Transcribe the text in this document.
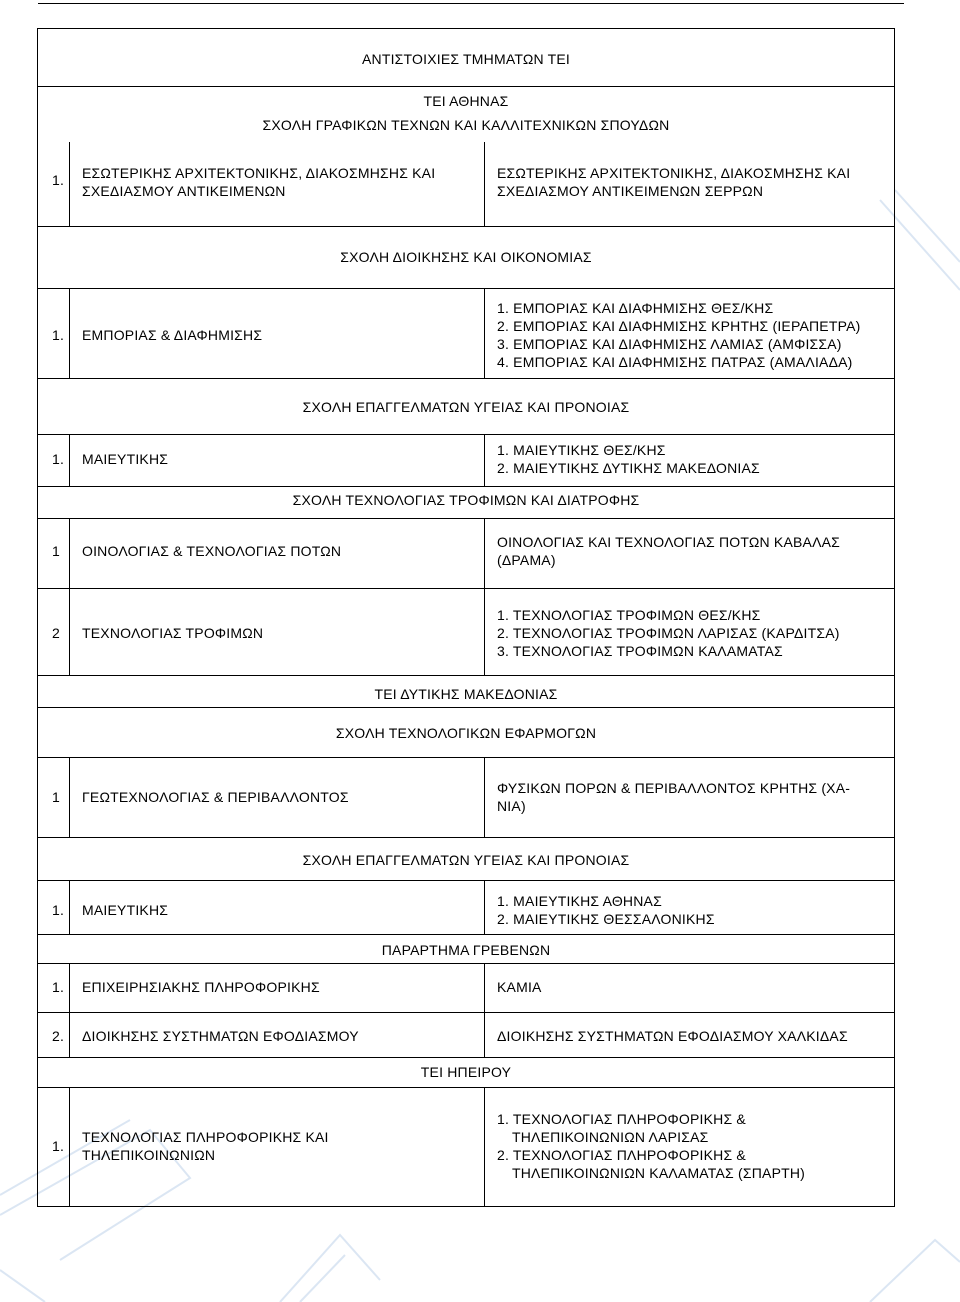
ΑΝΤΙΣΤΟΙΧΙΕΣ ΤΜΗΜΑΤΩΝ ΤΕΙ
ΤΕΙ ΑΘΗΝΑΣ
ΣΧΟΛΗ ΓΡΑΦΙΚΩΝ ΤΕΧΝΩΝ ΚΑΙ ΚΑΛΛΙΤΕΧΝΙΚΩΝ ΣΠΟΥΔΩΝ
1. ΕΣΩΤΕΡΙΚΗΣ ΑΡΧΙΤΕΚΤΟΝΙΚΗΣ, ΔΙΑΚΟΣΜΗΣΗΣ ΚΑΙ
ΣΧΕΔΙΑΣΜΟΥ ΑΝΤΙΚΕΙΜΕΝΩΝ
ΕΣΩΤΕΡΙΚΗΣ ΑΡΧΙΤΕΚΤΟΝΙΚΗΣ, ΔΙΑΚΟΣΜΗΣΗΣ ΚΑΙ
ΣΧΕΔΙΑΣΜΟΥ ΑΝΤΙΚΕΙΜΕΝΩΝ ΣΕΡΡΩΝ
ΣΧΟΛΗ ΔΙΟΙΚΗΣΗΣ ΚΑΙ ΟΙΚΟΝΟΜΙΑΣ
1. ΕΜΠΟΡΙΑΣ & ΔΙΑΦΗΜΙΣΗΣ
1. ΕΜΠΟΡΙΑΣ ΚΑΙ ΔΙΑΦΗΜΙΣΗΣ ΘΕΣ/ΚΗΣ
2. ΕΜΠΟΡΙΑΣ ΚΑΙ ΔΙΑΦΗΜΙΣΗΣ ΚΡΗΤΗΣ (ΙΕΡΑΠΕΤΡΑ)
3. ΕΜΠΟΡΙΑΣ ΚΑΙ ΔΙΑΦΗΜΙΣΗΣ ΛΑΜΙΑΣ (ΑΜΦΙΣΣΑ)
4. ΕΜΠΟΡΙΑΣ ΚΑΙ ΔΙΑΦΗΜΙΣΗΣ ΠΑΤΡΑΣ (ΑΜΑΛΙΑΔΑ)
ΣΧΟΛΗ ΕΠΑΓΓΕΛΜΑΤΩΝ ΥΓΕΙΑΣ ΚΑΙ ΠΡΟΝΟΙΑΣ
1. ΜΑΙΕΥΤΙΚΗΣ
1. ΜΑΙΕΥΤΙΚΗΣ ΘΕΣ/ΚΗΣ
2. ΜΑΙΕΥΤΙΚΗΣ ΔΥΤΙΚΗΣ ΜΑΚΕΔΟΝΙΑΣ
ΣΧΟΛΗ ΤΕΧΝΟΛΟΓΙΑΣ ΤΡΟΦΙΜΩΝ ΚΑΙ ΔΙΑΤΡΟΦΗΣ
1 ΟΙΝΟΛΟΓΙΑΣ & ΤΕΧΝΟΛΟΓΙΑΣ ΠΟΤΩΝ
ΟΙΝΟΛΟΓΙΑΣ ΚΑΙ ΤΕΧΝΟΛΟΓΙΑΣ ΠΟΤΩΝ ΚΑΒΑΛΑΣ
(ΔΡΑΜΑ)
2 ΤΕΧΝΟΛΟΓΙΑΣ ΤΡΟΦΙΜΩΝ
1. ΤΕΧΝΟΛΟΓΙΑΣ ΤΡΟΦΙΜΩΝ ΘΕΣ/ΚΗΣ
2. ΤΕΧΝΟΛΟΓΙΑΣ ΤΡΟΦΙΜΩΝ ΛΑΡΙΣΑΣ (ΚΑΡΔΙΤΣΑ)
3. ΤΕΧΝΟΛΟΓΙΑΣ ΤΡΟΦΙΜΩΝ ΚΑΛΑΜΑΤΑΣ
ΤΕΙ ΔΥΤΙΚΗΣ ΜΑΚΕΔΟΝΙΑΣ
ΣΧΟΛΗ ΤΕΧΝΟΛΟΓΙΚΩΝ ΕΦΑΡΜΟΓΩΝ
1 ΓΕΩΤΕΧΝΟΛΟΓΙΑΣ & ΠΕΡΙΒΑΛΛΟΝΤΟΣ
ΦΥΣΙΚΩΝ ΠΟΡΩΝ & ΠΕΡΙΒΑΛΛΟΝΤΟΣ ΚΡΗΤΗΣ (ΧΑ-
ΝΙΑ)
ΣΧΟΛΗ ΕΠΑΓΓΕΛΜΑΤΩΝ ΥΓΕΙΑΣ ΚΑΙ ΠΡΟΝΟΙΑΣ
1. ΜΑΙΕΥΤΙΚΗΣ
1. ΜΑΙΕΥΤΙΚΗΣ ΑΘΗΝΑΣ
2. ΜΑΙΕΥΤΙΚΗΣ ΘΕΣΣΑΛΟΝΙΚΗΣ
ΠΑΡΑΡΤΗΜΑ ΓΡΕΒΕΝΩΝ
1. ΕΠΙΧΕΙΡΗΣΙΑΚΗΣ ΠΛΗΡΟΦΟΡΙΚΗΣ	ΚΑΜΙΑ
2. ΔΙΟΙΚΗΣΗΣ ΣΥΣΤΗΜΑΤΩΝ ΕΦΟΔΙΑΣΜΟΥ	ΔΙΟΙΚΗΣΗΣ ΣΥΣΤΗΜΑΤΩΝ ΕΦΟΔΙΑΣΜΟΥ ΧΑΛΚΙΔΑΣ
ΤΕΙ ΗΠΕΙΡΟΥ
1.
ΤΕΧΝΟΛΟΓΙΑΣ ΠΛΗΡΟΦΟΡΙΚΗΣ ΚΑΙ
ΤΗΛΕΠΙΚΟΙΝΩΝΙΩΝ
1. ΤΕΧΝΟΛΟΓΙΑΣ ΠΛΗΡΟΦΟΡΙΚΗΣ &
ΤΗΛΕΠΙΚΟΙΝΩΝΙΩΝ ΛΑΡΙΣΑΣ
2. ΤΕΧΝΟΛΟΓΙΑΣ ΠΛΗΡΟΦΟΡΙΚΗΣ &
ΤΗΛΕΠΙΚΟΙΝΩΝΙΩΝ ΚΑΛΑΜΑΤΑΣ (ΣΠΑΡΤΗ)
